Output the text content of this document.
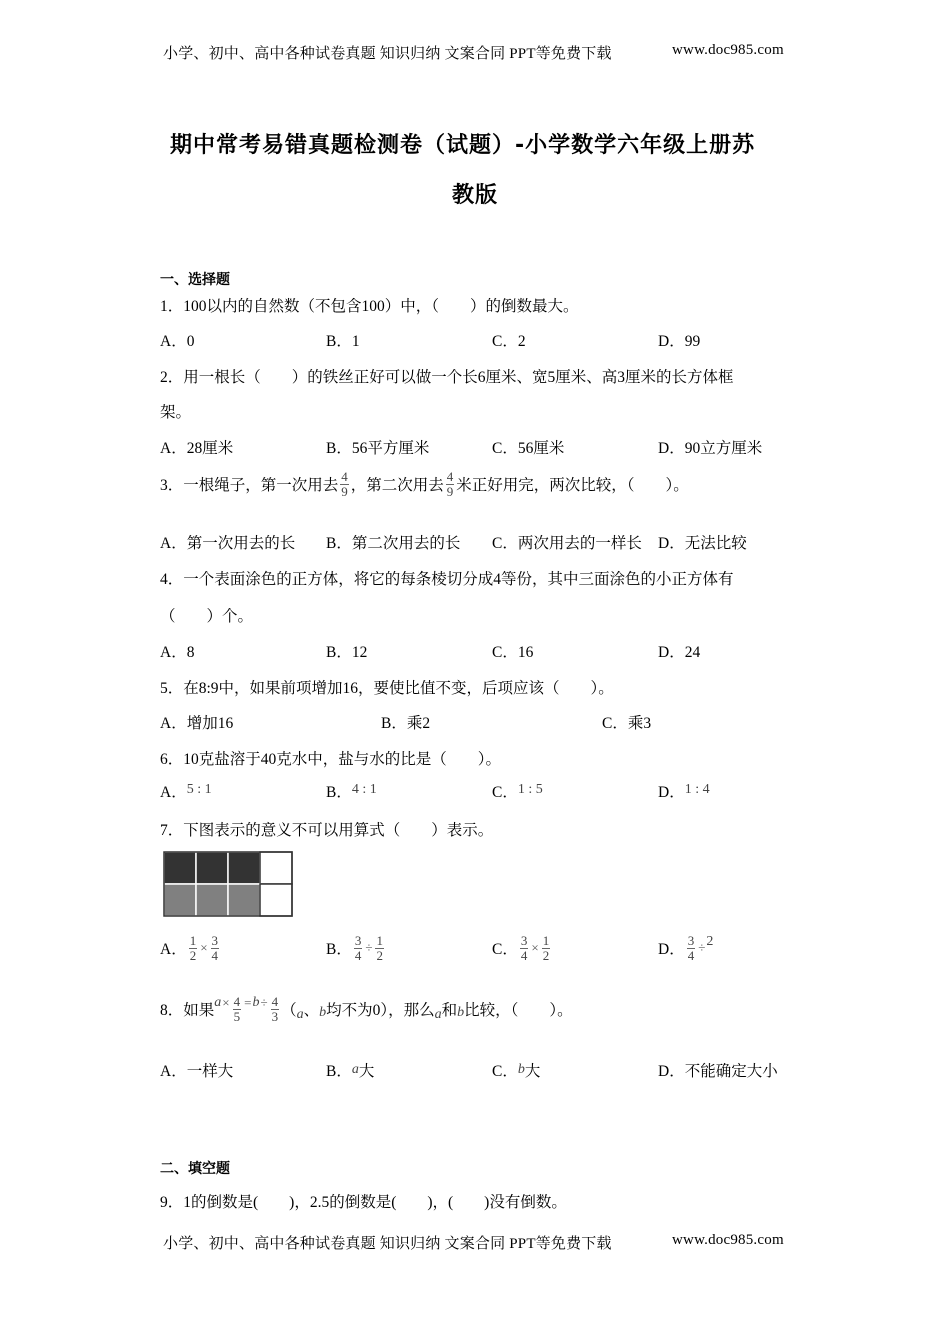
小学、初中、高中各种试卷真题 知识归纳 文案合同 PPT等免费下载	www.doc985.com
期中常考易错真题检测卷（试题）-小学数学六年级上册苏
教版
一、选择题
1．100以内的自然数（不包含100）中，（　　）的倒数最大。
A．0	B．1	C．2	D．99
2．用一根长（　　）的铁丝正好可以做一个长6厘米、宽5厘米、高3厘米的长方体框
架。
A．28厘米	B．56平方厘米	C．56厘米	D．90立方厘米
3．一根绳子，第一次用去 $\frac{4}{9}$ ，第二次用去 $\frac{4}{9}$ 米正好用完，两次比较，（　　）。
A．第一次用去的长 B．第二次用去的长 C．两次用去的一样长 D．无法比较
4．一个表面涂色的正方体，将它的每条棱切分成4等份，其中三面涂色的小正方体有
（　　）个。
A．8	B．12	C．16	D．24
5．在8:9中，如果前项增加16，要使比值不变，后项应该（　　）。
A．增加16	B．乘2	C．乘3
6．10克盐溶于40克水中，盐与水的比是（　　）。
A．5 : 1	B．4 : 1	C．1 : 5	D．1 : 4
7．下图表示的意义不可以用算式（　　）表示。
A． $\frac{1}{2} \times \frac{3}{4}$	B． $\frac{3}{4} \div \frac{1}{2}$	C． $\frac{3}{4} \times \frac{1}{2}$	D． $\frac{3}{4} \div 2$
8．如果 $a \times \frac{4}{5} = b \div \frac{4}{3}$ （ a 、 b 均不为0），那么 a 和 b 比较，（　　）。
A．一样大	B．a大	C．b大	D．不能确定大小
二、填空题
9．1的倒数是(　　)，2.5的倒数是(　　)，(　　)没有倒数。
小学、初中、高中各种试卷真题 知识归纳 文案合同 PPT等免费下载	www.doc985.com
